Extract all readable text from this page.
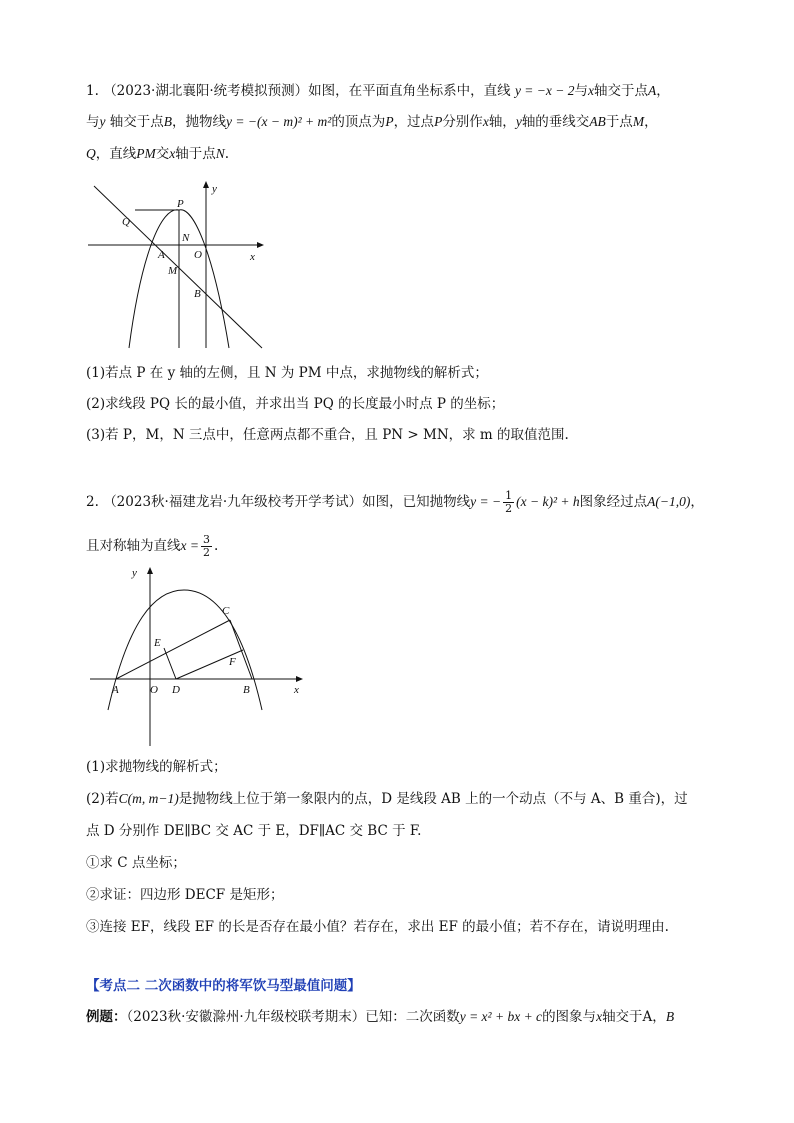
1. （2023·湖北襄阳·统考模拟预测）如图，在平面直角坐标系中，直线 y = −x − 2与x轴交于点A，
与y 轴交于点B，抛物线y = −(x − m)² + m²的顶点为P，过点P分别作x轴，y轴的垂线交AB于点M，
Q，直线PM交x轴于点N.
P
Q
N
A	O
M
B
x
y
(1)若点 P 在 y 轴的左侧，且 N 为 PM 中点，求抛物线的解析式；
(2)求线段 PQ 长的最小值，并求出当 PQ 的长度最小时点 P 的坐标；
(3)若 P，M，N 三点中，任意两点都不重合，且 PN > MN，求 m 的取值范围.
2. （2023秋·福建龙岩·九年级校考开学考试）如图，已知抛物线y = − $\frac{1}{2} (x - k)^2 + h$图象经过点A(−1,0)，
且对称轴为直线$x = \frac{3}{2}$ .
y
C
E
F
A	O D	B	x
(1)求抛物线的解析式；
(2)若C(m, m−1)是抛物线上位于第一象限内的点，D 是线段 AB 上的一个动点（不与 A、B 重合)，过
点 D 分别作 DE∥BC 交 AC 于 E，DF∥AC 交 BC 于 F.
①求 C 点坐标；
②求证：四边形 DECF 是矩形；
③连接 EF，线段 EF 的长是否存在最小值？若存在，求出 EF 的最小值；若不存在，请说明理由.
【考点二 二次函数中的将军饮马型最值问题】
例题：（2023秋·安徽滁州·九年级校联考期末）已知：二次函数y = x² + bx + c的图象与x轴交于A，B
